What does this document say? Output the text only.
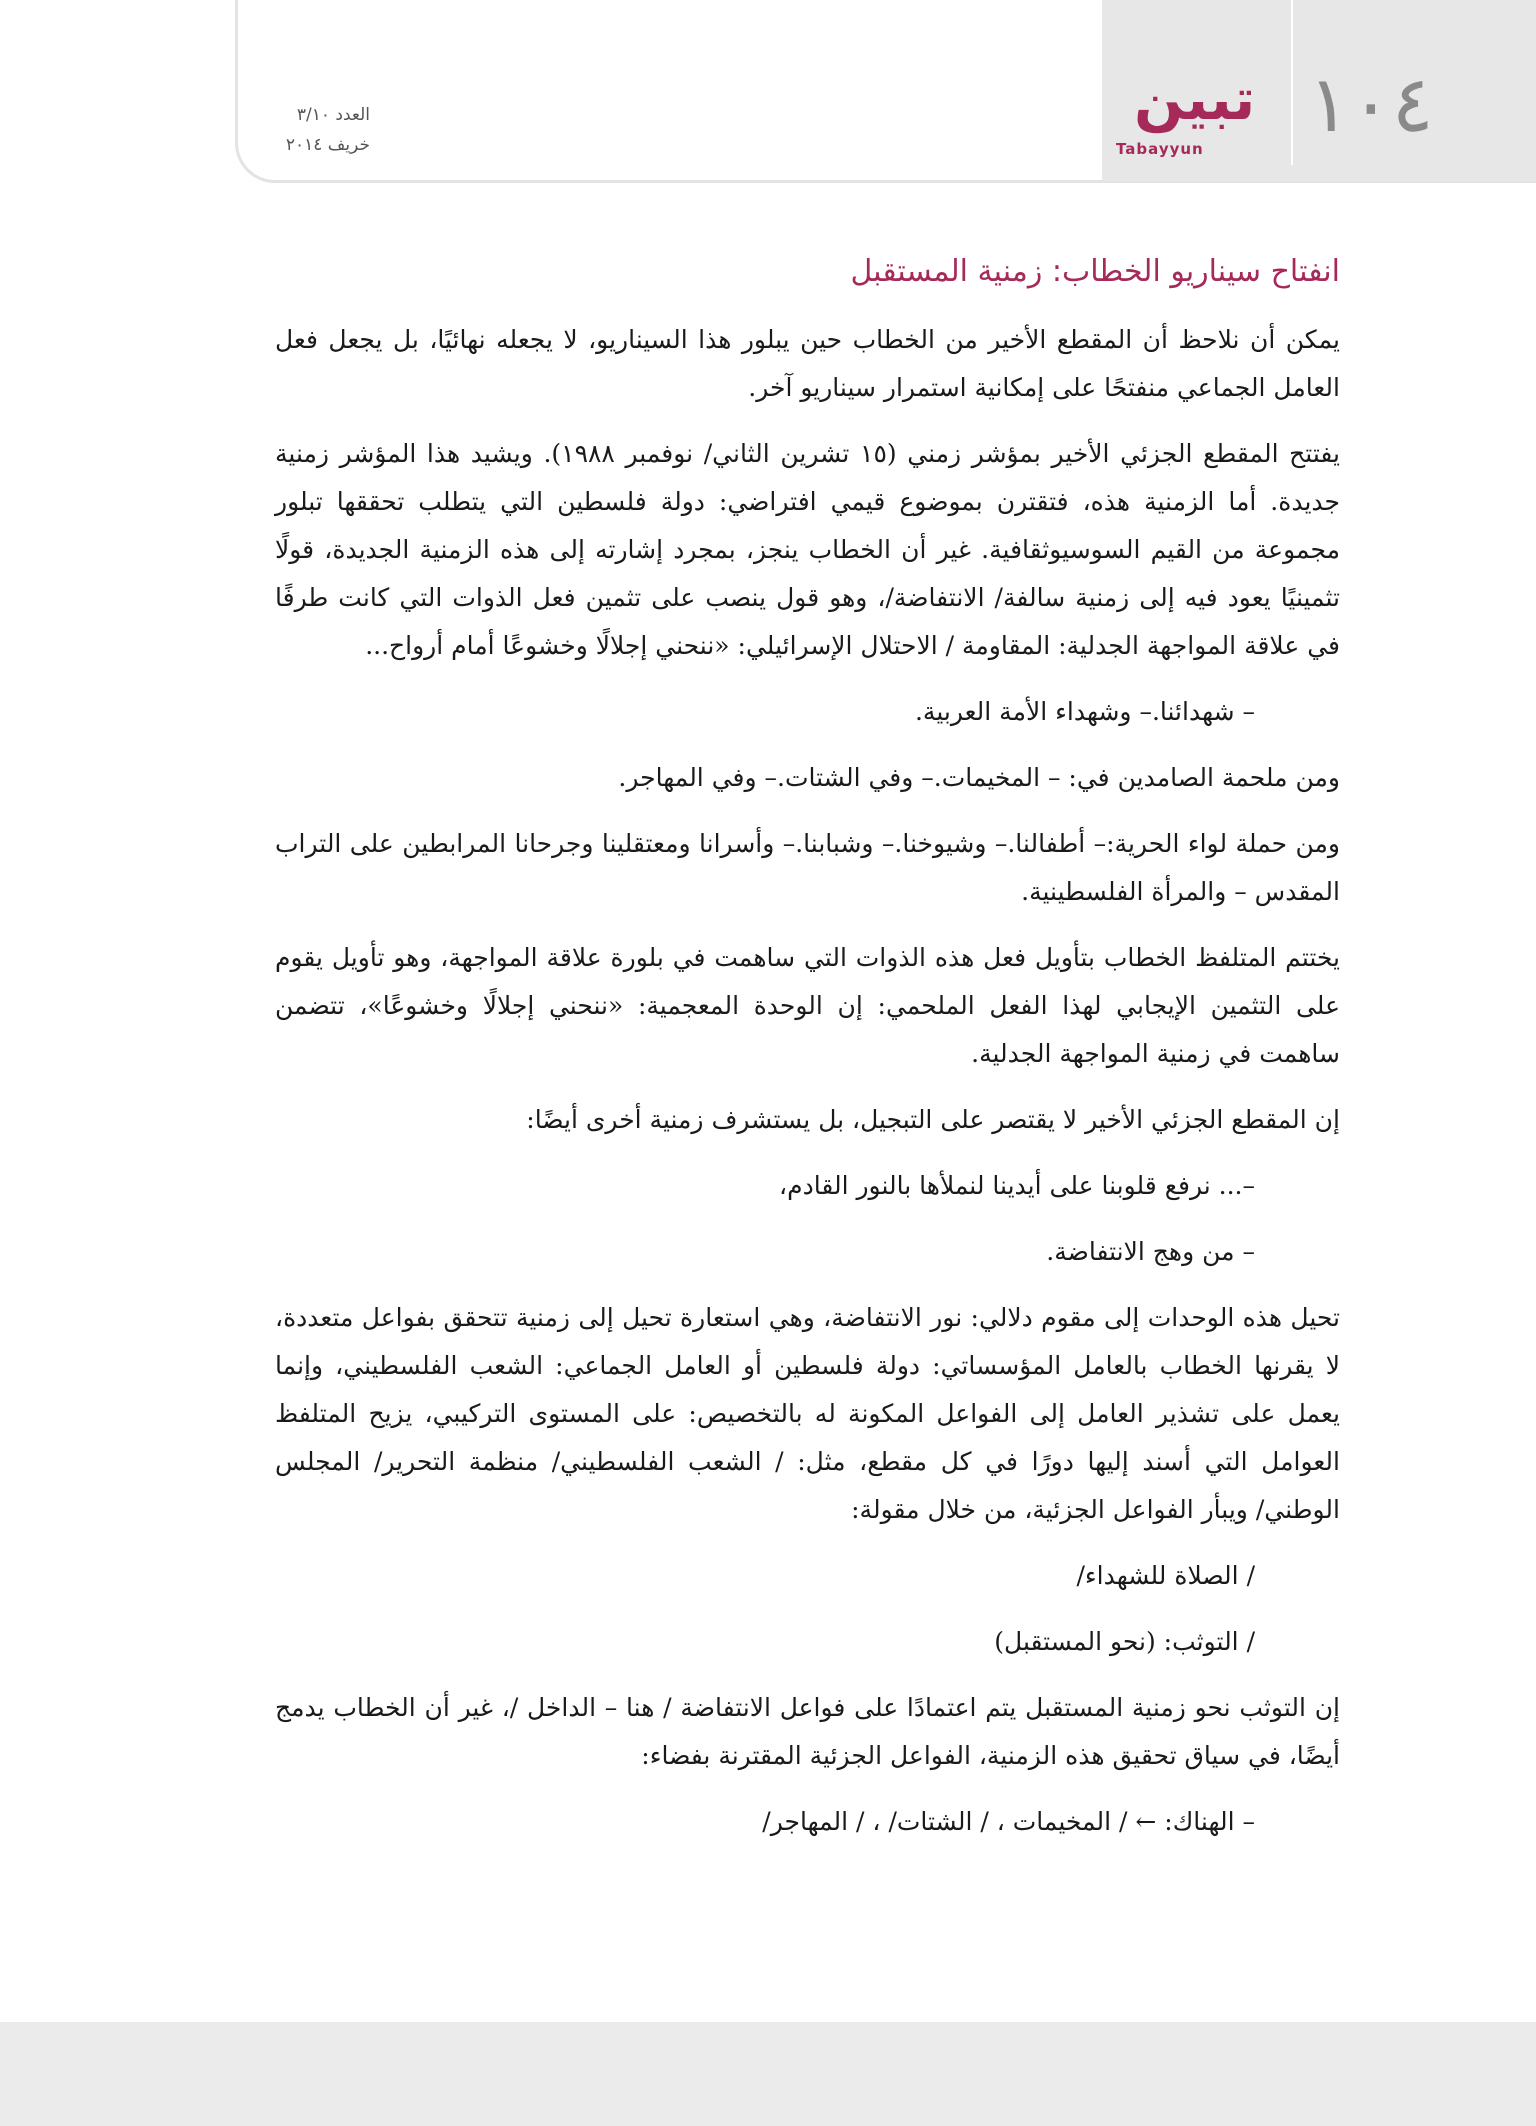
١٠٤
تبين
Tabayyun
العدد ٣/١٠
خريف ٢٠١٤
انفتاح سيناريو الخطاب: زمنية المستقبل

يمكن أن نلاحظ أن المقطع الأخير من الخطاب حين يبلور هذا السيناريو، لا يجعله نهائيًا، بل يجعل فعل العامل الجماعي منفتحًا على إمكانية استمرار سيناريو آخر.

يفتتح المقطع الجزئي الأخير بمؤشر زمني (١٥ تشرين الثاني/ نوفمبر ١٩٨٨). ويشيد هذا المؤشر زمنية جديدة. أما الزمنية هذه، فتقترن بموضوع قيمي افتراضي: دولة فلسطين التي يتطلب تحققها تبلور مجموعة من القيم السوسيوثقافية. غير أن الخطاب ينجز، بمجرد إشارته إلى هذه الزمنية الجديدة، قولًا تثمينيًا يعود فيه إلى زمنية سالفة/ الانتفاضة/، وهو قول ينصب على تثمين فعل الذوات التي كانت طرفًا في علاقة المواجهة الجدلية: المقاومة / الاحتلال الإسرائيلي: «ننحني إجلالًا وخشوعًا أمام أرواح...

– شهدائنا.– وشهداء الأمة العربية.

ومن ملحمة الصامدين في: – المخيمات.– وفي الشتات.– وفي المهاجر.

ومن حملة لواء الحرية:– أطفالنا.– وشيوخنا.– وشبابنا.– وأسرانا ومعتقلينا وجرحانا المرابطين على التراب المقدس – والمرأة الفلسطينية.

يختتم المتلفظ الخطاب بتأويل فعل هذه الذوات التي ساهمت في بلورة علاقة المواجهة، وهو تأويل يقوم على التثمين الإيجابي لهذا الفعل الملحمي: إن الوحدة المعجمية: «ننحني إجلالًا وخشوعًا»، تتضمن ساهمت في زمنية المواجهة الجدلية.

إن المقطع الجزئي الأخير لا يقتصر على التبجيل، بل يستشرف زمنية أخرى أيضًا:

–... نرفع قلوبنا على أيدينا لنملأها بالنور القادم،

– من وهج الانتفاضة.

تحيل هذه الوحدات إلى مقوم دلالي: نور الانتفاضة، وهي استعارة تحيل إلى زمنية تتحقق بفواعل متعددة، لا يقرنها الخطاب بالعامل المؤسساتي: دولة فلسطين أو العامل الجماعي: الشعب الفلسطيني، وإنما يعمل على تشذير العامل إلى الفواعل المكونة له بالتخصيص: على المستوى التركيبي، يزيح المتلفظ العوامل التي أسند إليها دورًا في كل مقطع، مثل: / الشعب الفلسطيني/ منظمة التحرير/ المجلس الوطني/ ويبأر الفواعل الجزئية، من خلال مقولة:

/ الصلاة للشهداء/

/ التوثب: (نحو المستقبل)

إن التوثب نحو زمنية المستقبل يتم اعتمادًا على فواعل الانتفاضة / هنا – الداخل /، غير أن الخطاب يدمج أيضًا، في سياق تحقيق هذه الزمنية، الفواعل الجزئية المقترنة بفضاء:

– الهناك: ← / المخيمات ، / الشتات/ ، / المهاجر/
